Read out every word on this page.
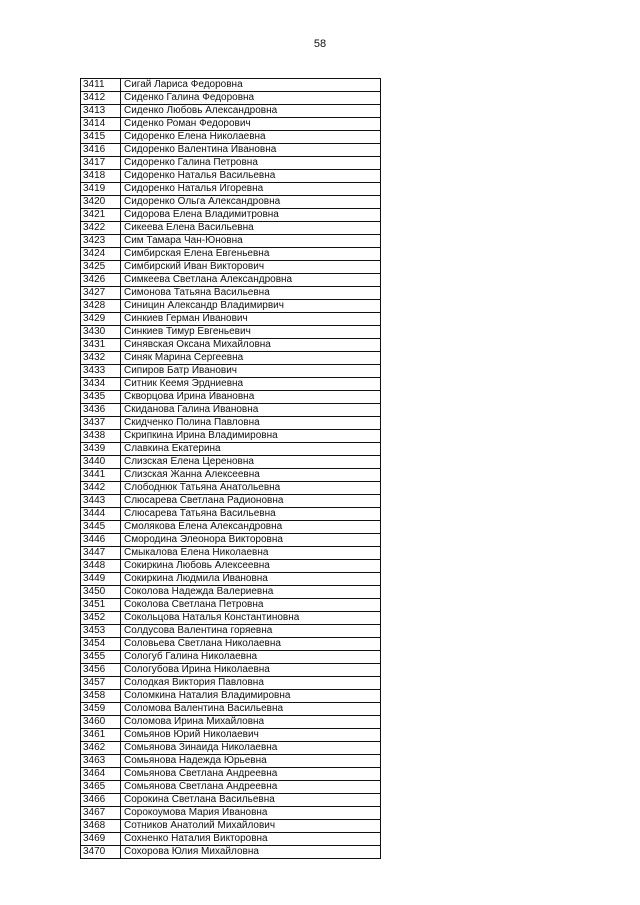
58
3411	Сигай Лариса Федоровна
3412	Сиденко Галина Федоровна
3413	Сиденко Любовь Александровна
3414	Сиденко Роман Федорович
3415	Сидоренко Елена Николаевна
3416	Сидоренко Валентина Ивановна
3417	Сидоренко Галина Петровна
3418	Сидоренко Наталья Васильевна
3419	Сидоренко Наталья Игоревна
3420	Сидоренко Ольга Александровна
3421	Сидорова Елена Владимитровна
3422	Сикеева Елена Васильевна
3423	Сим Тамара Чан-Юновна
3424	Симбирская Елена Евгеньевна
3425	Симбирский Иван Викторович
3426	Симкеева Светлана Александровна
3427	Симонова Татьяна Васильевна
3428	Синицин Александр Владимирвич
3429	Синкиев Герман Иванович
3430	Синкиев Тимур Евгеньевич
3431	Синявская Оксана Михайловна
3432	Синяк Марина Сергеевна
3433	Сипиров Батр Иванович
3434	Ситник Кеемя Эрдниевна
3435	Скворцова Ирина Ивановна
3436	Скиданова Галина Ивановна
3437	Скидченко Полина Павловна
3438	Скрипкина Ирина Владимировна
3439	Славкина Екатерина
3440	Слизская Елена Цереновна
3441	Слизская Жанна Алексеевна
3442	Слободнюк Татьяна Анатольевна
3443	Слюсарева Светлана Радионовна
3444	Слюсарева Татьяна Васильевна
3445	Смолякова Елена Александровна
3446	Смородина Элеонора Викторовна
3447	Смыкалова Елена Николаевна
3448	Сокиркина Любовь Алексеевна
3449	Сокиркина Людмила Ивановна
3450	Соколова Надежда Валериевна
3451	Соколова Светлана Петровна
3452	Сокольцова Наталья Константиновна
3453	Солдусова Валентина горяевна
3454	Соловьева Светлана Николаевна
3455	Сологуб Галина Николаевна
3456	Сологубова Ирина Николаевна
3457	Солодкая Виктория Павловна
3458	Соломкина Наталия Владимировна
3459	Соломова Валентина Васильевна
3460	Соломова Ирина Михайловна
3461	Сомьянов Юрий Николаевич
3462	Сомьянова Зинаида Николаевна
3463	Сомьянова Надежда Юрьевна
3464	Сомьянова Светлана Андреевна
3465	Сомьянова Светлана Андреевна
3466	Сорокина Светлана Васильевна
3467	Сорокоумова Мария Ивановна
3468	Сотников Анатолий Михайлович
3469	Сохненко Наталия Викторовна
3470	Сохорова Юлия Михайловна
